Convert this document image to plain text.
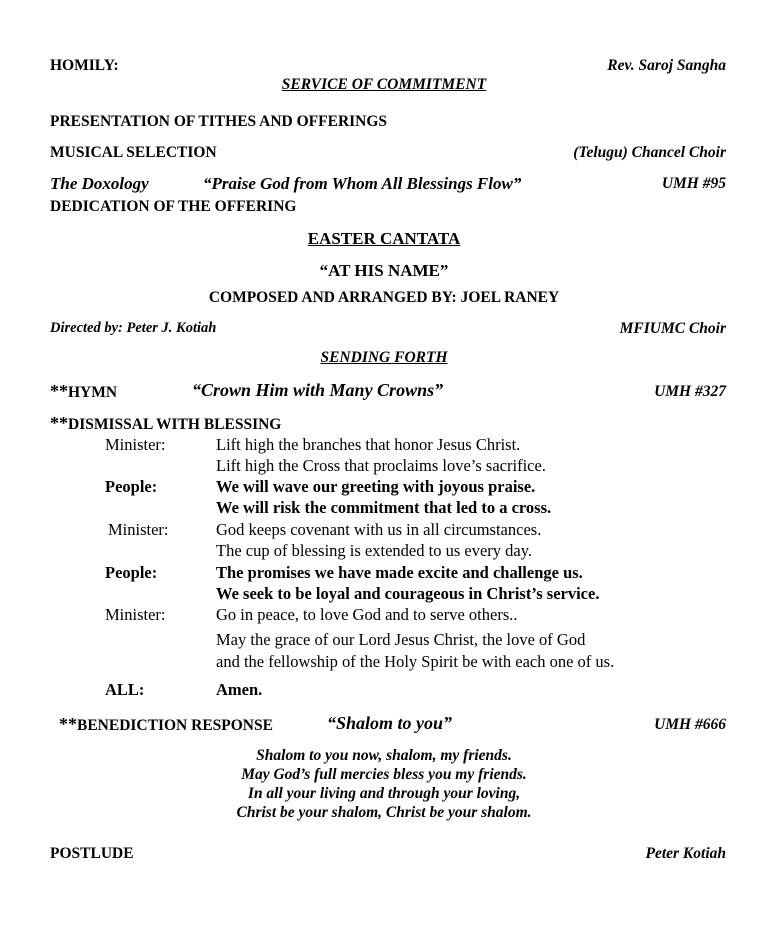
HOMILY:	Rev. Saroj Sangha
SERVICE OF COMMITMENT
PRESENTATION OF TITHES AND OFFERINGS
MUSICAL SELECTION	(Telugu) Chancel Choir
The Doxology	“Praise God from Whom All Blessings Flow”	UMH #95
DEDICATION OF THE OFFERING
EASTER CANTATA
“AT HIS NAME”
COMPOSED AND ARRANGED BY: JOEL RANEY
Directed by: Peter J. Kotiah	MFIUMC Choir
SENDING FORTH
**HYMN	“Crown Him with Many Crowns”	UMH #327
**DISMISSAL WITH BLESSING
Minister:	Lift high the branches that honor Jesus Christ.
Lift high the Cross that proclaims love’s sacrifice.
People:	We will wave our greeting with joyous praise.
We will risk the commitment that led to a cross.
Minister:	God keeps covenant with us in all circumstances.
The cup of blessing is extended to us every day.
People:	The promises we have made excite and challenge us.
We seek to be loyal and courageous in Christ’s service.
Minister:	Go in peace, to love God and to serve others..
May the grace of our Lord Jesus Christ, the love of God
and the fellowship of the Holy Spirit be with each one of us.
ALL:	Amen.
**BENEDICTION RESPONSE	“Shalom to you”	UMH #666
Shalom to you now, shalom, my friends.
May God’s full mercies bless you my friends.
In all your living and through your loving,
Christ be your shalom, Christ be your shalom.
POSTLUDE	Peter Kotiah
